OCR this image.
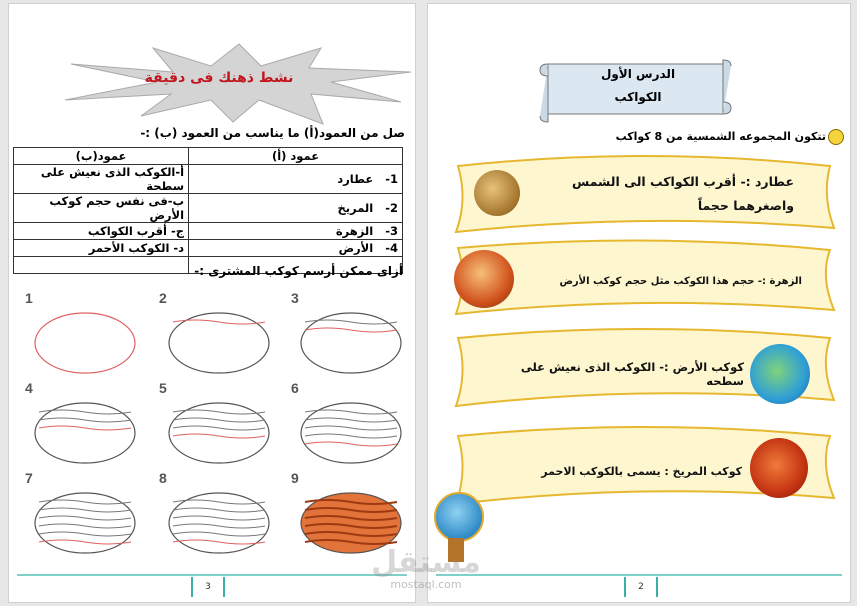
نشط ذهنك فى دقيقة
صل من العمود(أ) ما يناسب من العمود (ب) :-
عمود (أ)	عمود(ب)
1-   عطارد	أ-الكوكب الذى نعيش على سطحة
2-   المريخ	ب-فى نفس حجم كوكب الأرض
3-   الزهرة	ج- أقرب الكواكب
4-   الأرض	د- الكوكب الأحمر

أزاى ممكن أرسم كوكب المشترى :-
1	2	3
4	5	6
7	8	9
3
الدرس الأول
الكواكب
تتكون المجموعه الشمسية من 8 كواكب
عطارد :- أقرب الكواكب الى الشمس
واصغرهما حجماً
الزهرة :- حجم هذا الكوكب مثل حجم كوكب الأرض
كوكب الأرض :- الكوكب الذى نعيش على سطحه
كوكب المريخ : يسمى بالكوكب الاحمر
2
مستقل
mostaql.com
